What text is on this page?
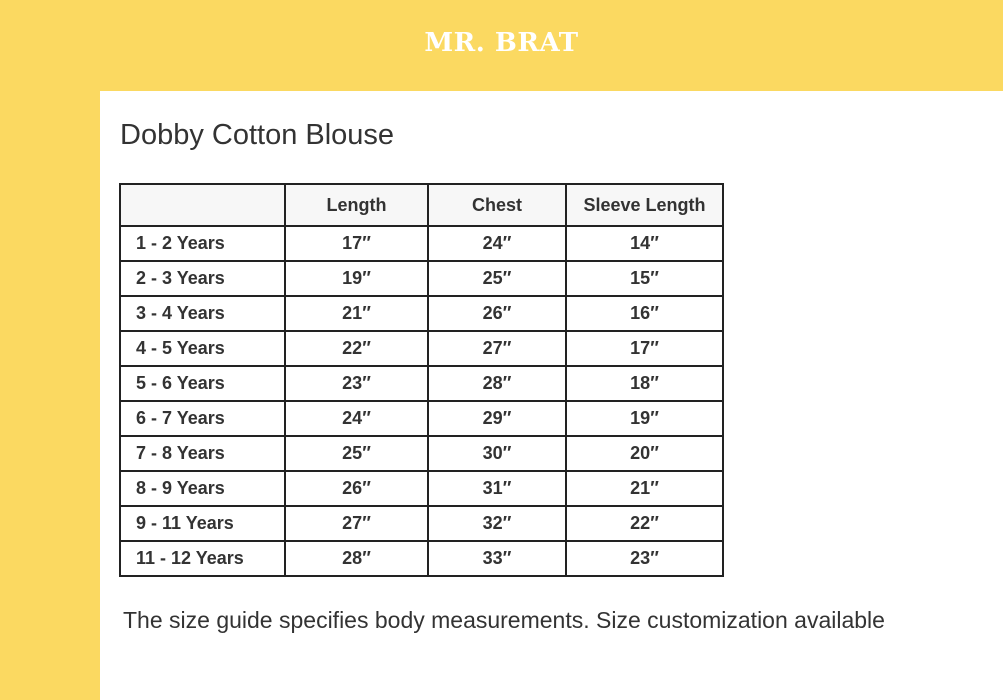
MR. BRAT
Dobby Cotton Blouse
	Length	Chest	Sleeve Length
1 - 2 Years	17″	24″	14″
2 - 3 Years	19″	25″	15″
3 - 4 Years	21″	26″	16″
4 - 5 Years	22″	27″	17″
5 - 6 Years	23″	28″	18″
6 - 7 Years	24″	29″	19″
7 - 8 Years	25″	30″	20″
8 - 9 Years	26″	31″	21″
9 - 11 Years	27″	32″	22″
11 - 12 Years	28″	33″	23″
The size guide specifies body measurements. Size customization available
